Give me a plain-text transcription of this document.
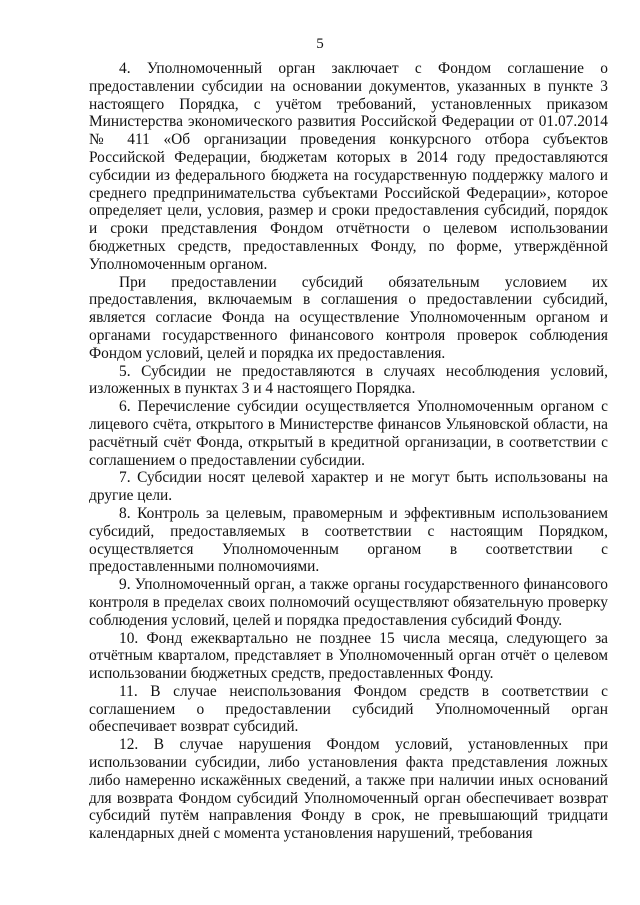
5

4. Уполномоченный орган заключает с Фондом соглашение о предоставлении субсидии на основании документов, указанных в пункте 3 настоящего Порядка, с учётом требований, установленных приказом Министерства экономического развития Российской Федерации от 01.07.2014 № 411 «Об организации проведения конкурсного отбора субъектов Российской Федерации, бюджетам которых в 2014 году предоставляются субсидии из федерального бюджета на государственную поддержку малого и среднего предпринимательства субъектами Российской Федерации», которое определяет цели, условия, размер и сроки предоставления субсидий, порядок и сроки представления Фондом отчётности о целевом использовании бюджетных средств, предоставленных Фонду, по форме, утверждённой Уполномоченным органом.

При предоставлении субсидий обязательным условием их предоставления, включаемым в соглашения о предоставлении субсидий, является согласие Фонда на осуществление Уполномоченным органом и органами государственного финансового контроля проверок соблюдения Фондом условий, целей и порядка их предоставления.

5. Субсидии не предоставляются в случаях несоблюдения условий, изложенных в пунктах 3 и 4 настоящего Порядка.

6. Перечисление субсидии осуществляется Уполномоченным органом с лицевого счёта, открытого в Министерстве финансов Ульяновской области, на расчётный счёт Фонда, открытый в кредитной организации, в соответствии с соглашением о предоставлении субсидии.

7. Субсидии носят целевой характер и не могут быть использованы на другие цели.

8. Контроль за целевым, правомерным и эффективным использованием субсидий, предоставляемых в соответствии с настоящим Порядком, осуществляется Уполномоченным органом в соответствии с предоставленными полномочиями.

9. Уполномоченный орган, а также органы государственного финансового контроля в пределах своих полномочий осуществляют обязательную проверку соблюдения условий, целей и порядка предоставления субсидий Фонду.

10. Фонд ежеквартально не позднее 15 числа месяца, следующего за отчётным кварталом, представляет в Уполномоченный орган отчёт о целевом использовании бюджетных средств, предоставленных Фонду.

11. В случае неиспользования Фондом средств в соответствии с соглашением о предоставлении субсидий Уполномоченный орган обеспечивает возврат субсидий.

12. В случае нарушения Фондом условий, установленных при использовании субсидии, либо установления факта представления ложных либо намеренно искажённых сведений, а также при наличии иных оснований для возврата Фондом субсидий Уполномоченный орган обеспечивает возврат субсидий путём направления Фонду в срок, не превышающий тридцати календарных дней с момента установления нарушений, требования
